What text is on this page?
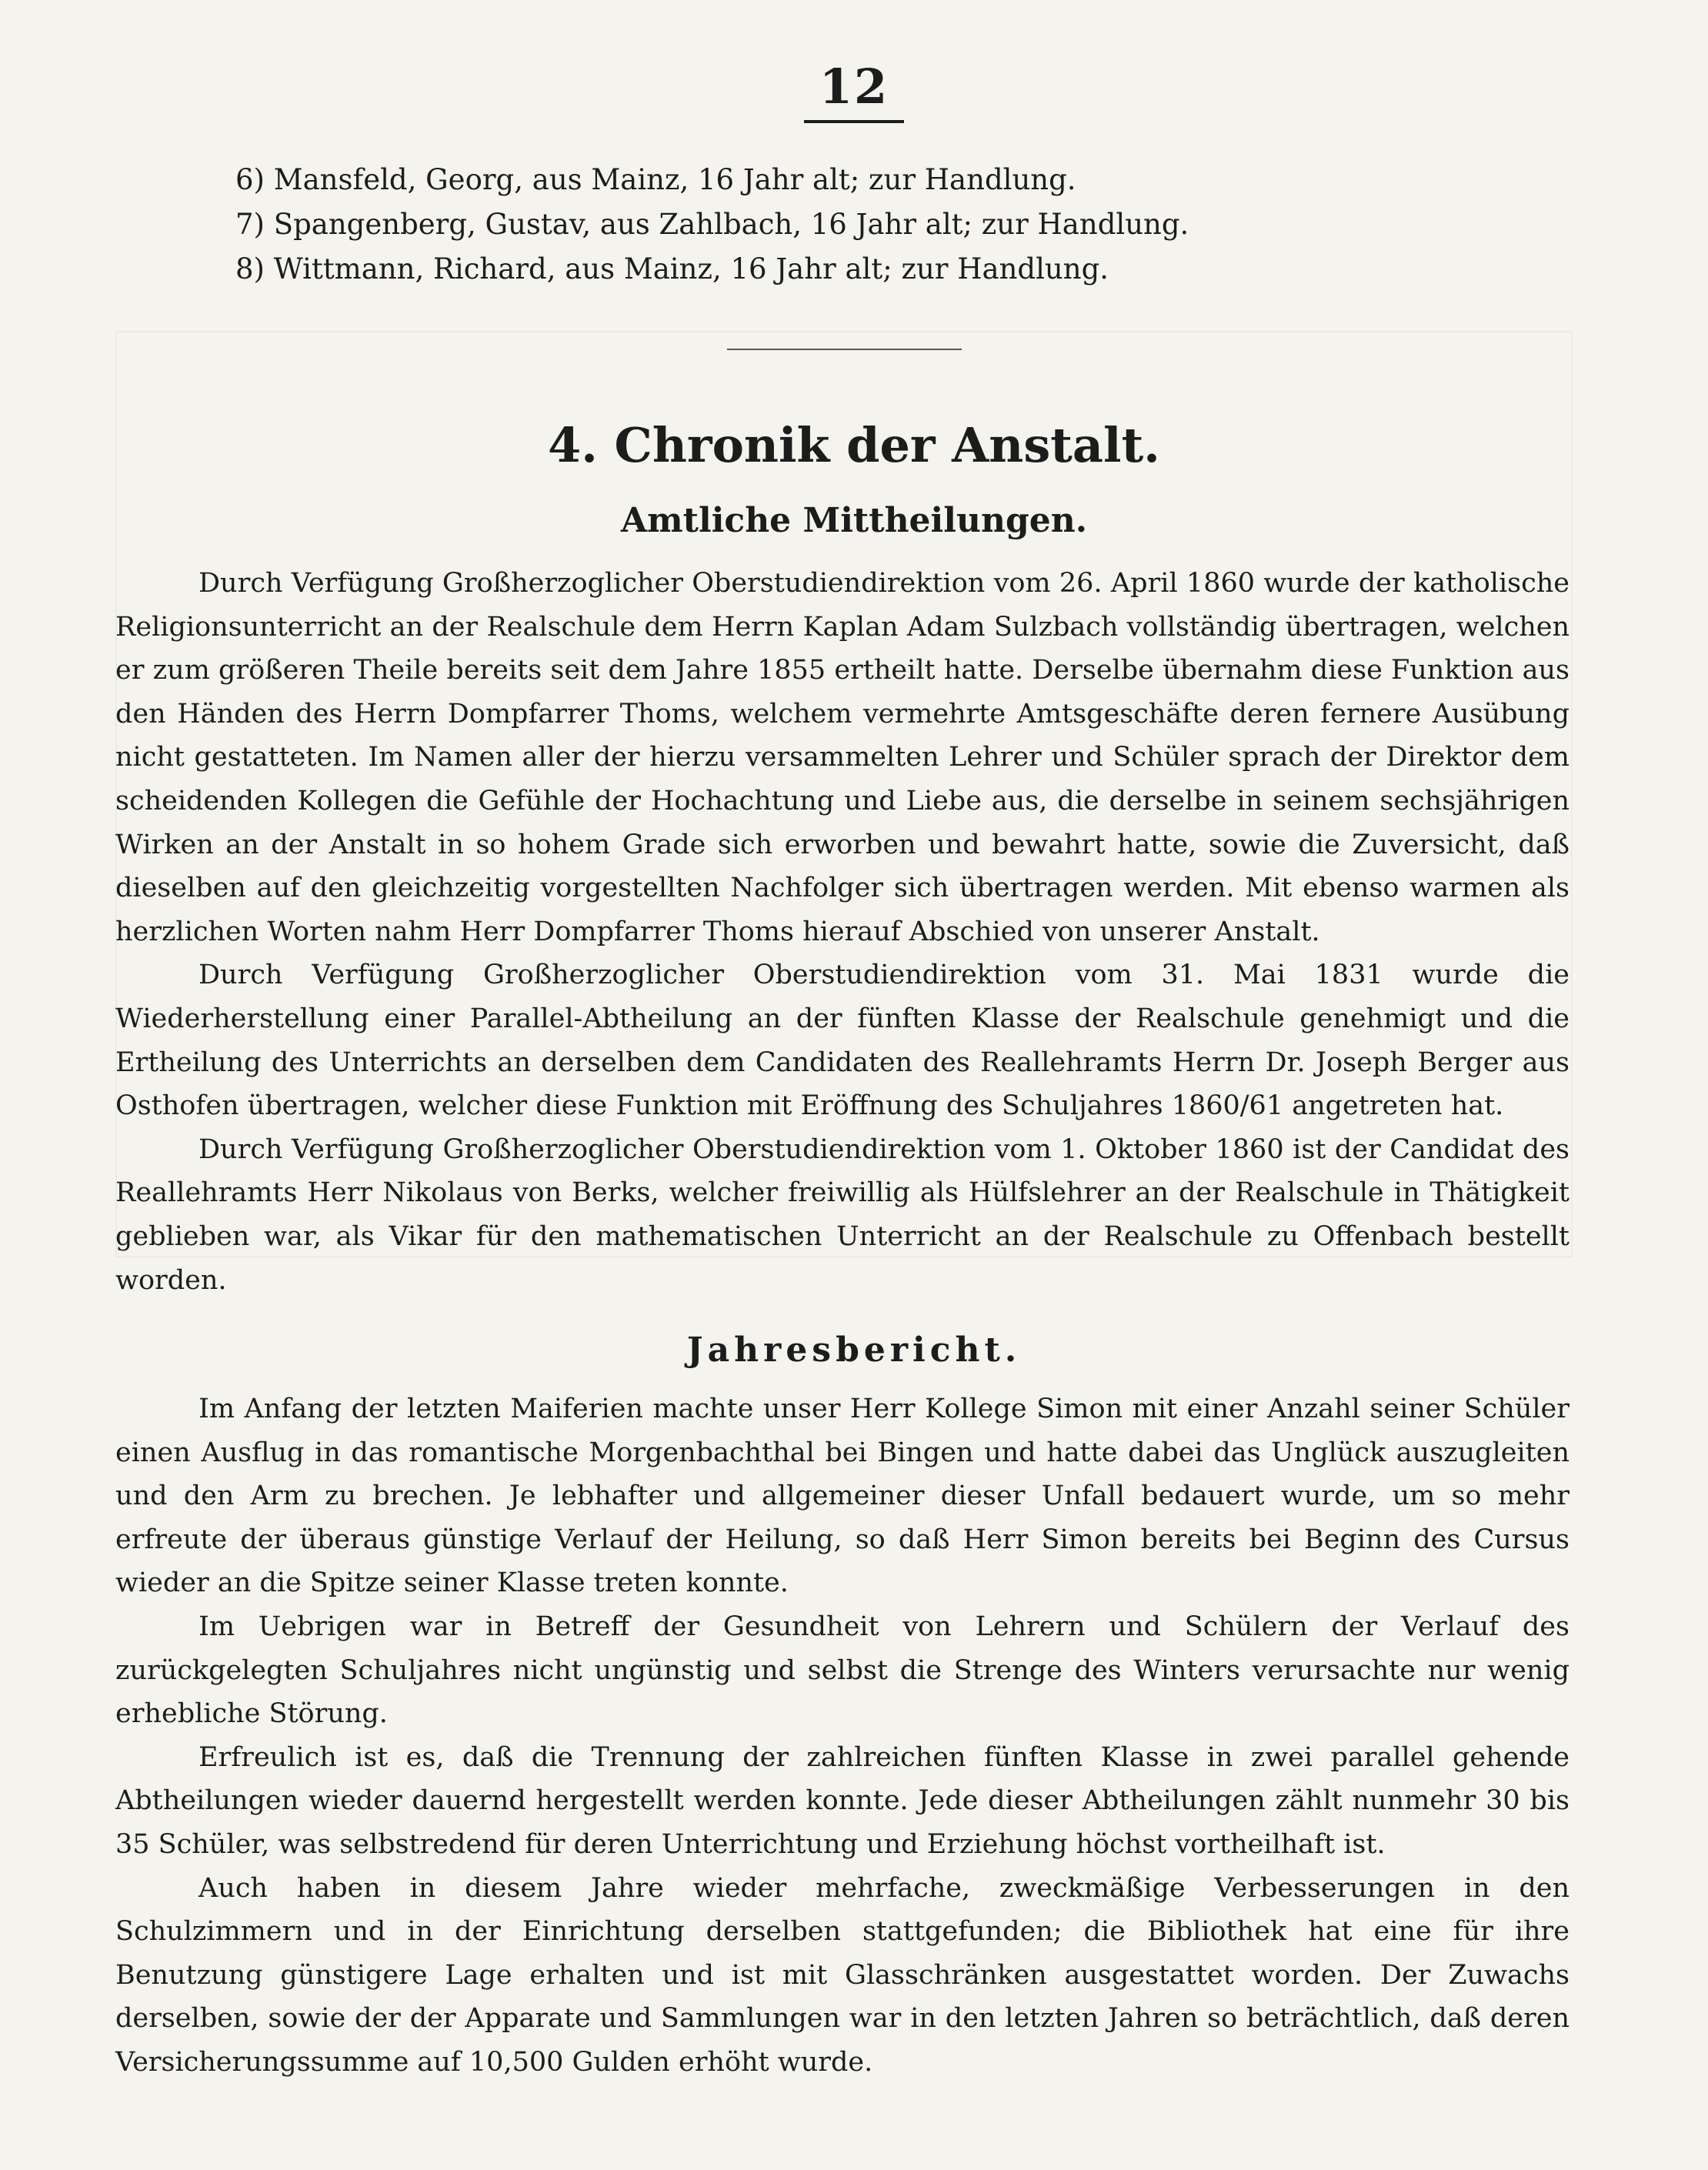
12
6) Mansfeld, Georg, aus Mainz, 16 Jahr alt; zur Handlung.
7) Spangenberg, Gustav, aus Zahlbach, 16 Jahr alt; zur Handlung.
8) Wittmann, Richard, aus Mainz, 16 Jahr alt; zur Handlung.
4. Chronik der Anstalt.
Amtliche Mittheilungen.

Durch Verfügung Großherzoglicher Oberstudiendirektion vom 26. April 1860 wurde der katholische Religionsunterricht an der Realschule dem Herrn Kaplan Adam Sulzbach vollständig übertragen, welchen er zum größeren Theile bereits seit dem Jahre 1855 ertheilt hatte. Derselbe übernahm diese Funktion aus den Händen des Herrn Dompfarrer Thoms, welchem vermehrte Amtsgeschäfte deren fernere Ausübung nicht gestatteten. Im Namen aller der hierzu versammelten Lehrer und Schüler sprach der Direktor dem scheidenden Kollegen die Gefühle der Hochachtung und Liebe aus, die derselbe in seinem sechsjährigen Wirken an der Anstalt in so hohem Grade sich erworben und bewahrt hatte, sowie die Zuversicht, daß dieselben auf den gleichzeitig vorgestellten Nachfolger sich übertragen werden. Mit ebenso warmen als herzlichen Worten nahm Herr Dompfarrer Thoms hierauf Abschied von unserer Anstalt.

Durch Verfügung Großherzoglicher Oberstudiendirektion vom 31. Mai 1831 wurde die Wiederherstellung einer Parallel-Abtheilung an der fünften Klasse der Realschule genehmigt und die Ertheilung des Unterrichts an derselben dem Candidaten des Reallehramts Herrn Dr. Joseph Berger aus Osthofen übertragen, welcher diese Funktion mit Eröffnung des Schuljahres 1860/61 angetreten hat.

Durch Verfügung Großherzoglicher Oberstudiendirektion vom 1. Oktober 1860 ist der Candidat des Reallehramts Herr Nikolaus von Berks, welcher freiwillig als Hülfslehrer an der Realschule in Thätigkeit geblieben war, als Vikar für den mathematischen Unterricht an der Realschule zu Offenbach bestellt worden.

Jahresbericht.

Im Anfang der letzten Maiferien machte unser Herr Kollege Simon mit einer Anzahl seiner Schüler einen Ausflug in das romantische Morgenbachthal bei Bingen und hatte dabei das Unglück auszugleiten und den Arm zu brechen. Je lebhafter und allgemeiner dieser Unfall bedauert wurde, um so mehr erfreute der überaus günstige Verlauf der Heilung, so daß Herr Simon bereits bei Beginn des Cursus wieder an die Spitze seiner Klasse treten konnte.

Im Uebrigen war in Betreff der Gesundheit von Lehrern und Schülern der Verlauf des zurückgelegten Schuljahres nicht ungünstig und selbst die Strenge des Winters verursachte nur wenig erhebliche Störung.

Erfreulich ist es, daß die Trennung der zahlreichen fünften Klasse in zwei parallel gehende Abtheilungen wieder dauernd hergestellt werden konnte. Jede dieser Abtheilungen zählt nunmehr 30 bis 35 Schüler, was selbstredend für deren Unterrichtung und Erziehung höchst vortheilhaft ist.

Auch haben in diesem Jahre wieder mehrfache, zweckmäßige Verbesserungen in den Schulzimmern und in der Einrichtung derselben stattgefunden; die Bibliothek hat eine für ihre Benutzung günstigere Lage erhalten und ist mit Glasschränken ausgestattet worden. Der Zuwachs derselben, sowie der der Apparate und Sammlungen war in den letzten Jahren so beträchtlich, daß deren Versicherungssumme auf 10,500 Gulden erhöht wurde.
